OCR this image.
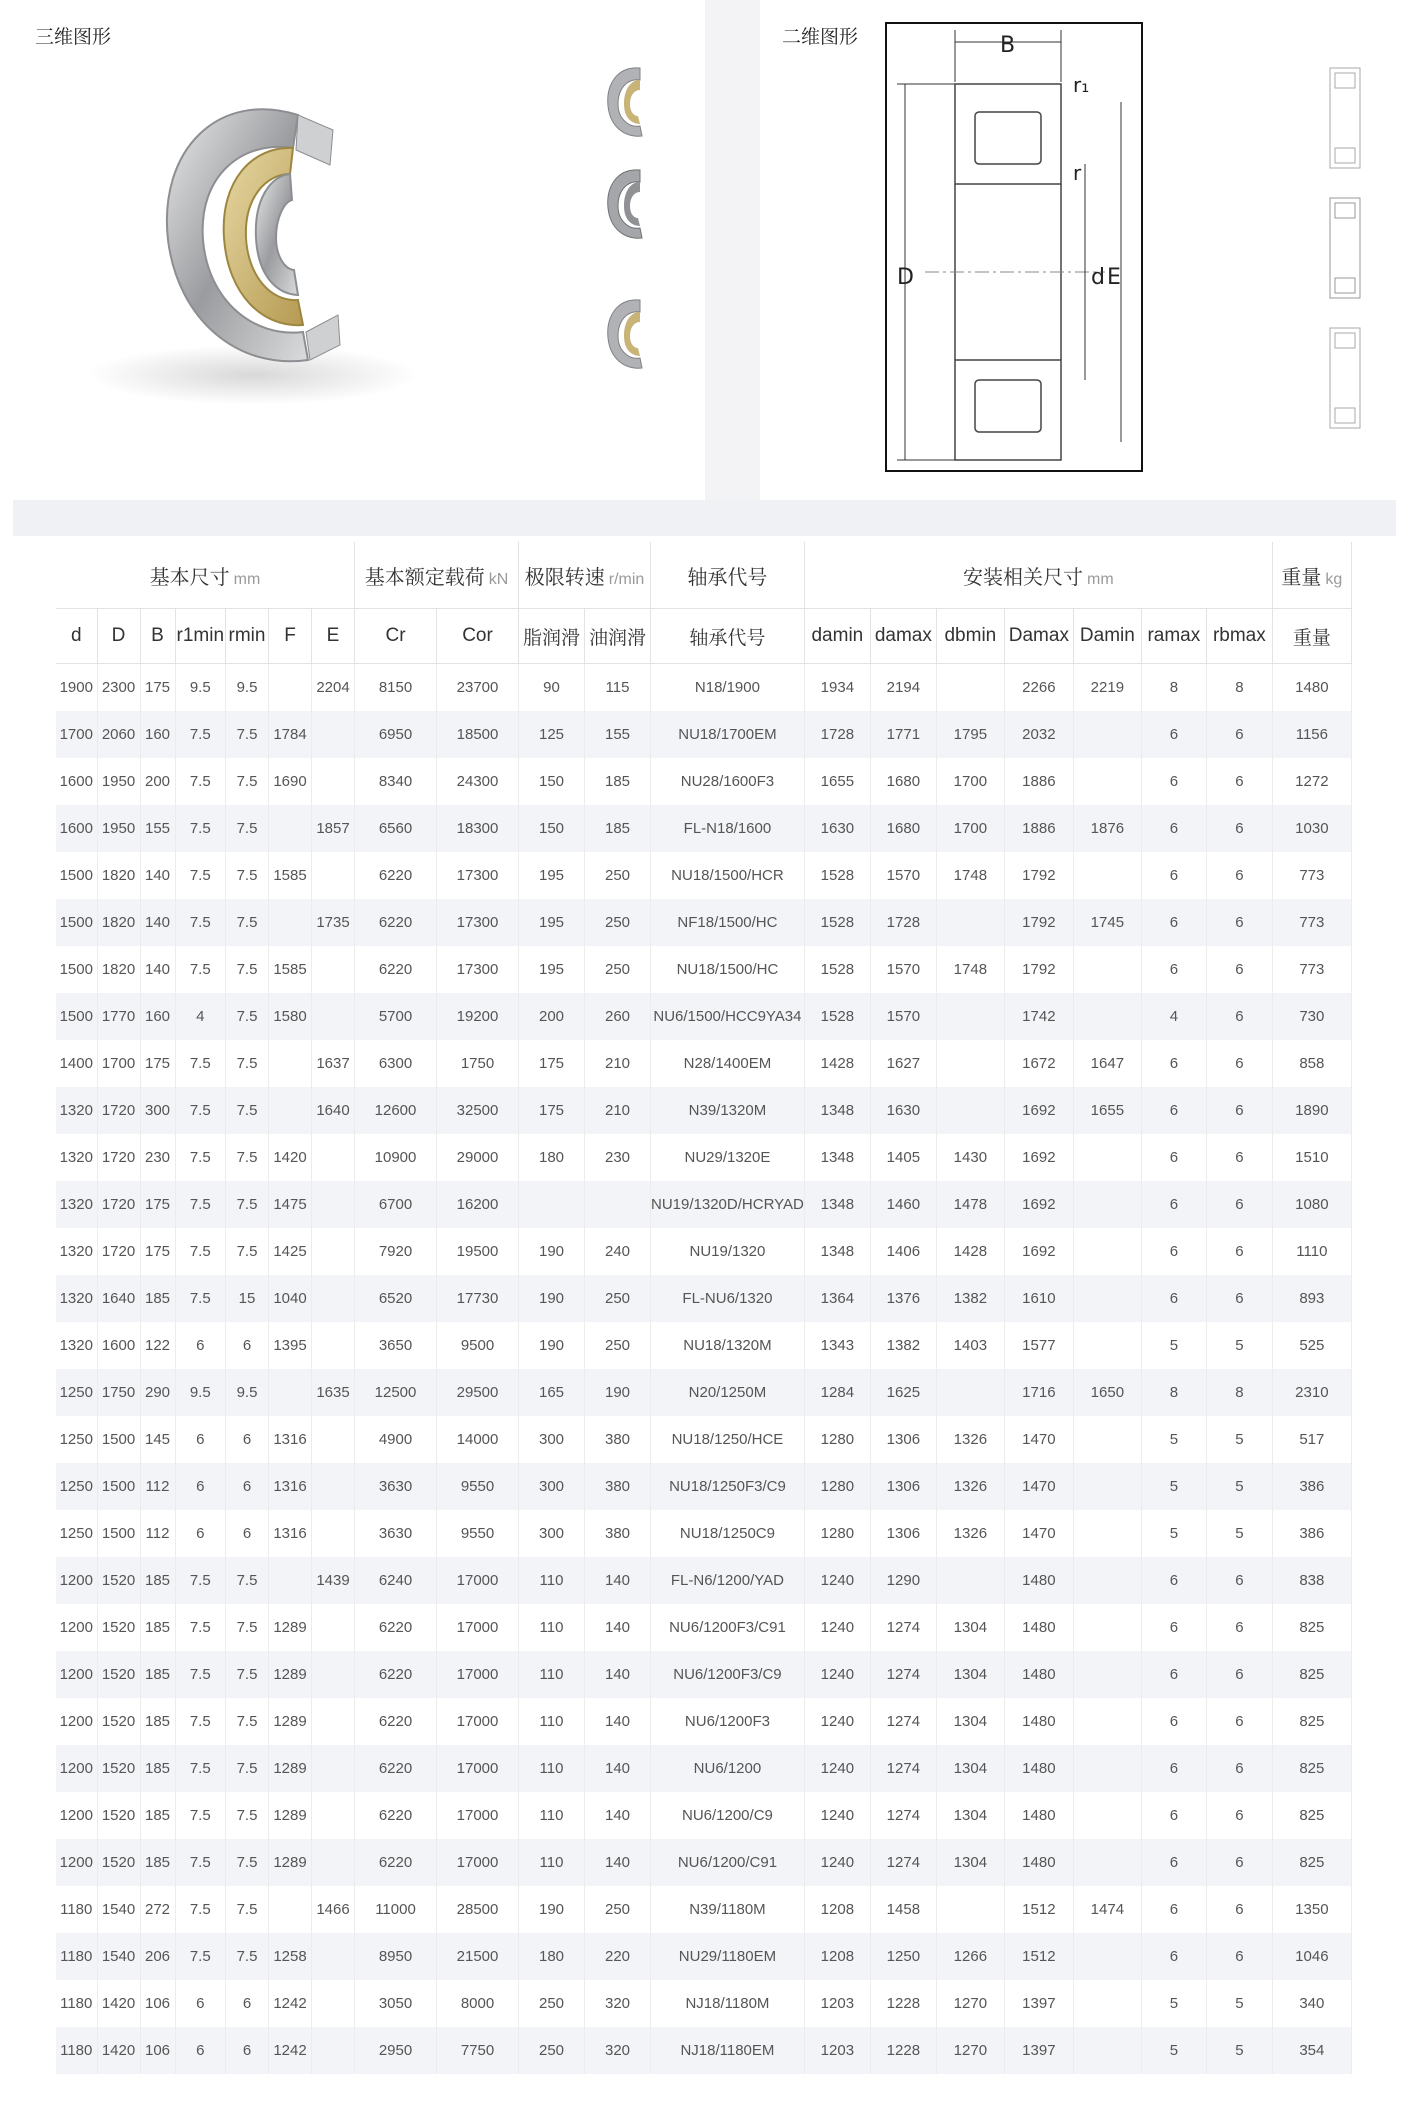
三维图形	二维图形	B
r₁
D
r
d E
基本尺寸 mm							基本额定载荷 kN		极限转速 r/min		轴承代号	安装相关尺寸 mm							重量 kg
d	D	B	r1min	rmin	F	E	Cr	Cor	脂润滑	油润滑	轴承代号	damin	damax	dbmin	Damax	Damin	ramax	rbmax	重量
1900	2300	175	9.5	9.5		2204	8150	23700	90	115	N18/1900	1934	2194		2266	2219	8	8	1480
1700	2060	160	7.5	7.5	1784		6950	18500	125	155	NU18/1700EM	1728	1771	1795	2032		6	6	1156
1600	1950	200	7.5	7.5	1690		8340	24300	150	185	NU28/1600F3	1655	1680	1700	1886		6	6	1272
1600	1950	155	7.5	7.5		1857	6560	18300	150	185	FL-N18/1600	1630	1680	1700	1886	1876	6	6	1030
1500	1820	140	7.5	7.5	1585		6220	17300	195	250	NU18/1500/HCR	1528	1570	1748	1792		6	6	773
1500	1820	140	7.5	7.5		1735	6220	17300	195	250	NF18/1500/HC	1528	1728		1792	1745	6	6	773
1500	1820	140	7.5	7.5	1585		6220	17300	195	250	NU18/1500/HC	1528	1570	1748	1792		6	6	773
1500	1770	160	4	7.5	1580		5700	19200	200	260	NU6/1500/HCC9YA34	1528	1570		1742		4	6	730
1400	1700	175	7.5	7.5		1637	6300	1750	175	210	N28/1400EM	1428	1627		1672	1647	6	6	858
1320	1720	300	7.5	7.5		1640	12600	32500	175	210	N39/1320M	1348	1630		1692	1655	6	6	1890
1320	1720	230	7.5	7.5	1420		10900	29000	180	230	NU29/1320E	1348	1405	1430	1692		6	6	1510
1320	1720	175	7.5	7.5	1475		6700	16200			NU19/1320D/HCRYAD	1348	1460	1478	1692		6	6	1080
1320	1720	175	7.5	7.5	1425		7920	19500	190	240	NU19/1320	1348	1406	1428	1692		6	6	1110
1320	1640	185	7.5	15	1040		6520	17730	190	250	FL-NU6/1320	1364	1376	1382	1610		6	6	893
1320	1600	122	6	6	1395		3650	9500	190	250	NU18/1320M	1343	1382	1403	1577		5	5	525
1250	1750	290	9.5	9.5		1635	12500	29500	165	190	N20/1250M	1284	1625		1716	1650	8	8	2310
1250	1500	145	6	6	1316		4900	14000	300	380	NU18/1250/HCE	1280	1306	1326	1470		5	5	517
1250	1500	112	6	6	1316		3630	9550	300	380	NU18/1250F3/C9	1280	1306	1326	1470		5	5	386
1250	1500	112	6	6	1316		3630	9550	300	380	NU18/1250C9	1280	1306	1326	1470		5	5	386
1200	1520	185	7.5	7.5		1439	6240	17000	110	140	FL-N6/1200/YAD	1240	1290		1480		6	6	838
1200	1520	185	7.5	7.5	1289		6220	17000	110	140	NU6/1200F3/C91	1240	1274	1304	1480		6	6	825
1200	1520	185	7.5	7.5	1289		6220	17000	110	140	NU6/1200F3/C9	1240	1274	1304	1480		6	6	825
1200	1520	185	7.5	7.5	1289		6220	17000	110	140	NU6/1200F3	1240	1274	1304	1480		6	6	825
1200	1520	185	7.5	7.5	1289		6220	17000	110	140	NU6/1200	1240	1274	1304	1480		6	6	825
1200	1520	185	7.5	7.5	1289		6220	17000	110	140	NU6/1200/C9	1240	1274	1304	1480		6	6	825
1200	1520	185	7.5	7.5	1289		6220	17000	110	140	NU6/1200/C91	1240	1274	1304	1480		6	6	825
1180	1540	272	7.5	7.5		1466	11000	28500	190	250	N39/1180M	1208	1458		1512	1474	6	6	1350
1180	1540	206	7.5	7.5	1258		8950	21500	180	220	NU29/1180EM	1208	1250	1266	1512		6	6	1046
1180	1420	106	6	6	1242		3050	8000	250	320	NJ18/1180M	1203	1228	1270	1397		5	5	340
1180	1420	106	6	6	1242		2950	7750	250	320	NJ18/1180EM	1203	1228	1270	1397		5	5	354
